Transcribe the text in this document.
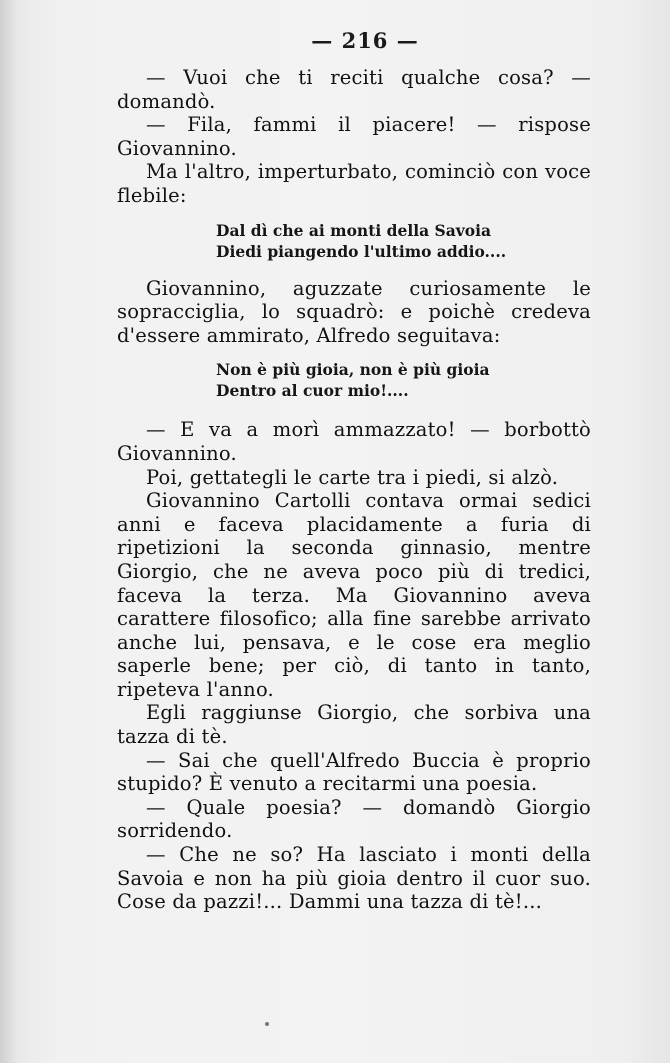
— 216 —

— Vuoi che ti reciti qualche cosa? — domandò.

— Fila, fammi il piacere! — rispose Giovannino.

Ma l'altro, imperturbato, cominciò con voce flebile:

Dal dì che ai monti della Savoia

Diedi piangendo l'ultimo addio....

Giovannino, aguzzate curiosamente le sopracciglia, lo squadrò: e poichè credeva d'essere ammirato, Alfredo seguitava:

Non è più gioia, non è più gioia

Dentro al cuor mio!....

— E va a morì ammazzato! — borbottò Giovannino.

Poi, gettategli le carte tra i piedi, si alzò.

Giovannino Cartolli contava ormai sedici anni e faceva placidamente a furia di ripetizioni la seconda ginnasio, mentre Giorgio, che ne aveva poco più di tredici, faceva la terza. Ma Giovannino aveva carattere filosofico; alla fine sarebbe arrivato anche lui, pensava, e le cose era meglio saperle bene; per ciò, di tanto in tanto, ripeteva l'anno.

Egli raggiunse Giorgio, che sorbiva una tazza di tè.

— Sai che quell'Alfredo Buccia è proprio stupido? È venuto a recitarmi una poesia.

— Quale poesia? — domandò Giorgio sorridendo.

— Che ne so? Ha lasciato i monti della Savoia e non ha più gioia dentro il cuor suo. Cose da pazzi!... Dammi una tazza di tè!...
